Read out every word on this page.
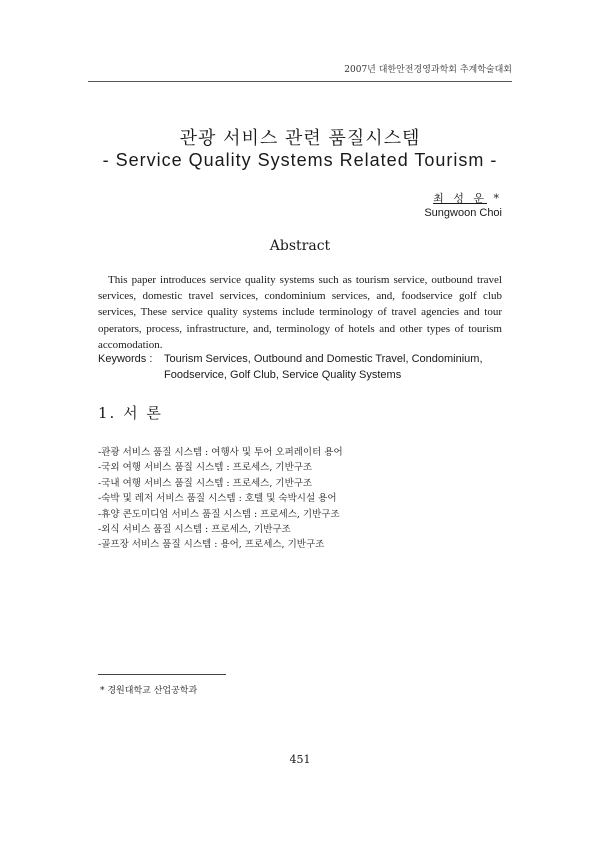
2007년 대한안전경영과학회 추계학술대회
관광 서비스 관련 품질시스템
- Service Quality Systems Related Tourism -
최 성 운 *
Sungwoon Choi
Abstract
This paper introduces service quality systems such as tourism service, outbound travel services, domestic travel services, condominium services, and, foodservice golf club services, These service quality systems include terminology of travel agencies and tour operators, process, infrastructure, and, terminology of hotels and other types of tourism accomodation.
Keywords : Tourism Services, Outbound and Domestic Travel, Condominium,
Foodservice, Golf Club, Service Quality Systems
1. 서 론
-관광 서비스 품질 시스템 : 여행사 및 투어 오퍼레이터 용어
-국외 여행 서비스 품질 시스템 : 프로세스, 기반구조
-국내 여행 서비스 품질 시스템 : 프로세스, 기반구조
-숙박 및 레저 서비스 품질 시스템 : 호텔 및 숙박시설 용어
-휴양 콘도미디엄 서비스 품질 시스템 : 프로세스, 기반구조
-외식 서비스 품질 시스템 : 프로세스, 기반구조
-골프장 서비스 품질 시스템 : 용어, 프로세스, 기반구조
* 경원대학교 산업공학과
451
